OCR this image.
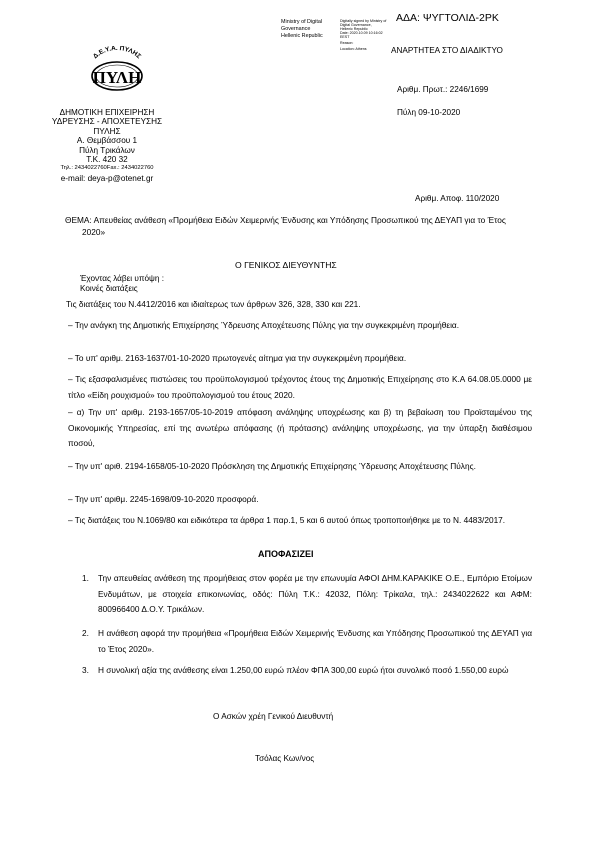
ΑΔΑ: ΨΥΓΤΟΛΙΔ-2ΡΚ
Ministry of Digital
Governance
Hellenic Republic
Digitally signed by Ministry of
Digital Governance,
Hellenic Republic
Date: 2020.10.09 10:16:02
EEST
Reason:
Location: Athens	ΑΝΑΡΤΗΤΕΑ ΣΤΟ ΔΙΑΔΙΚΤΥΟ
Αριθμ. Πρωτ.: 2246/1699
Πύλη 09-10-2020
Δ.Ε.Υ.Α. ΠΥΛΗΣ
ΠΥΛΗ
ΔΗΜΟΤΙΚΗ ΕΠΙΧΕΙΡΗΣΗ
ΥΔΡΕΥΣΗΣ - ΑΠΟΧΕΤΕΥΣΗΣ
ΠΥΛΗΣ
Α. Θεμβάσσου 1
Πύλη Τρικάλων
Τ.Κ. 420 32
Τηλ.: 2434022760Fax.: 2434022760
e-mail: deya-p@otenet.gr
Αριθμ. Αποφ. 110/2020
ΘΕΜΑ: Απευθείας ανάθεση «Προμήθεια Ειδών Χειμερινής Ένδυσης και Υπόδησης Προσωπικού της ΔΕΥΑΠ για το Έτος 2020»
Ο ΓΕΝΙΚΟΣ ΔΙΕΥΘΥΝΤΗΣ
Έχοντας λάβει υπόψη :
Κοινές διατάξεις
Τις διατάξεις του Ν.4412/2016 και ιδιαίτερως των άρθρων 326, 328, 330 και 221.
– Την ανάγκη της Δημοτικής Επιχείρησης Ύδρευσης Αποχέτευσης Πύλης για την συγκεκριμένη προμήθεια.
– Το υπ' αριθμ. 2163-1637/01-10-2020 πρωτογενές αίτημα για την συγκεκριμένη προμήθεια.
– Τις εξασφαλισμένες πιστώσεις του προϋπολογισμού τρέχοντος έτους της Δημοτικής Επιχείρησης στο Κ.Α 64.08.05.0000 με τίτλο «Είδη ρουχισμού» του προϋπολογισμού του έτους 2020.
– α) Την υπ' αριθμ. 2193-1657/05-10-2019 απόφαση ανάληψης υποχρέωσης και β) τη βεβαίωση του Προϊσταμένου της Οικονομικής Υπηρεσίας, επί της ανωτέρω απόφασης (ή πρότασης) ανάληψης υποχρέωσης, για την ύπαρξη διαθέσιμου ποσού,
– Την υπ' αριθ. 2194-1658/05-10-2020 Πρόσκληση της Δημοτικής Επιχείρησης Ύδρευσης Αποχέτευσης Πύλης.
– Την υπ' αριθμ. 2245-1698/09-10-2020 προσφορά.
– Τις διατάξεις του Ν.1069/80 και ειδικότερα τα άρθρα 1 παρ.1, 5 και 6 αυτού όπως τροποποιήθηκε με το Ν. 4483/2017.
ΑΠΟΦΑΣΙΖΕΙ
1. Την απευθείας ανάθεση της προμήθειας στον φορέα με την επωνυμία ΑΦΟΙ ΔΗΜ.ΚΑΡΑΚΙΚΕ Ο.Ε., Εμπόριο Ετοίμων Ενδυμάτων, με στοιχεία επικοινωνίας, οδός: Πύλη Τ.Κ.: 42032, Πόλη: Τρίκαλα, τηλ.: 2434022622 και ΑΦΜ: 800966400 Δ.Ο.Υ. Τρικάλων.
2. Η ανάθεση αφορά την προμήθεια «Προμήθεια Ειδών Χειμερινής Ένδυσης και Υπόδησης Προσωπικού της ΔΕΥΑΠ για το Έτος 2020».
3. Η συνολική αξία της ανάθεσης είναι 1.250,00 ευρώ πλέον ΦΠΑ 300,00 ευρώ ήτοι συνολικό ποσό 1.550,00 ευρώ
Ο Ασκών χρέη Γενικού Διευθυντή
Τσόλας Κων/νος
